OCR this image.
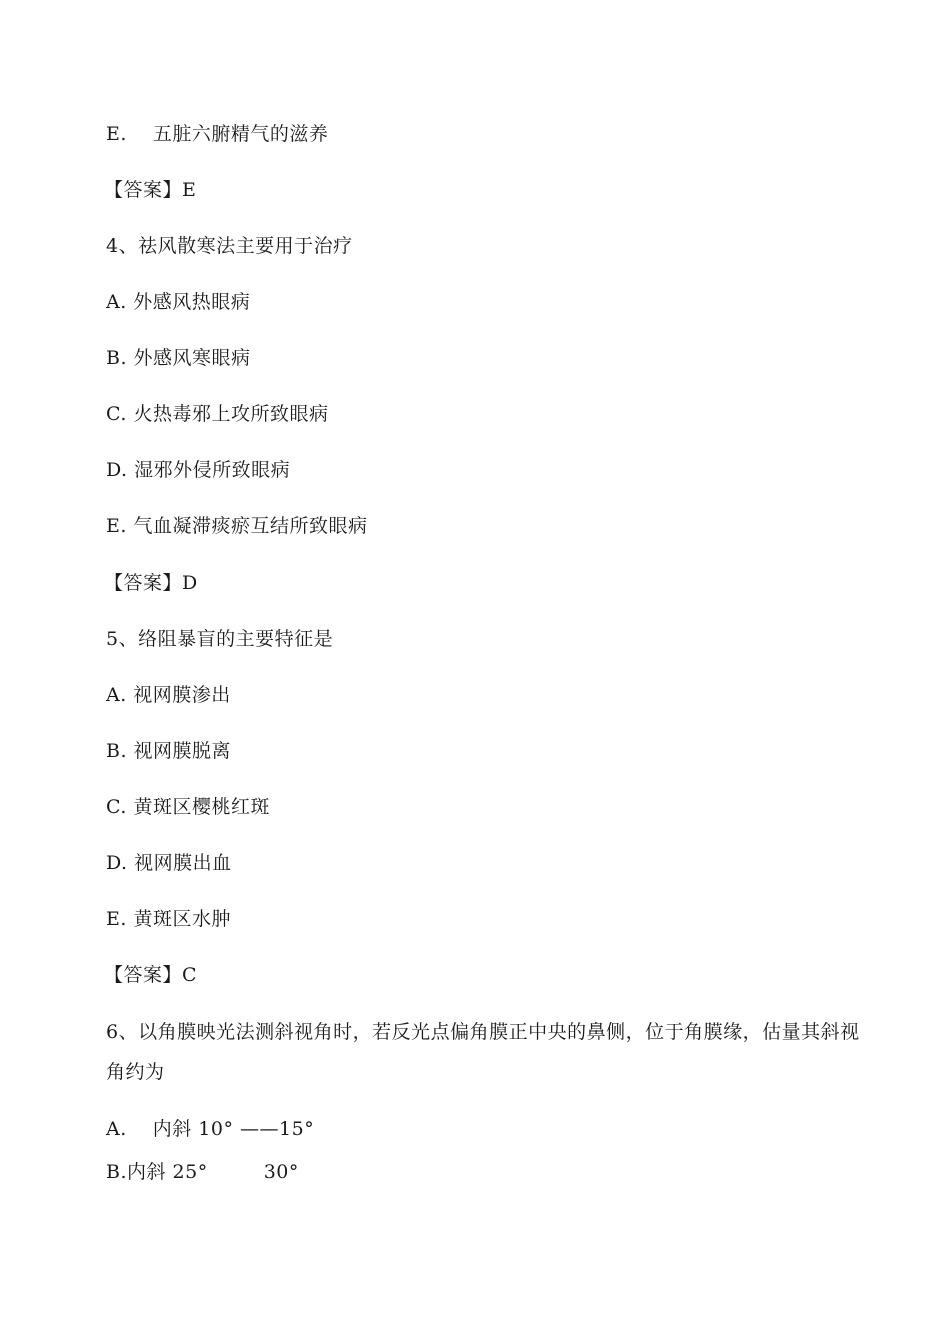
E. 五脏六腑精气的滋养
【答案】E
4、祛风散寒法主要用于治疗
A. 外感风热眼病
B. 外感风寒眼病
C. 火热毒邪上攻所致眼病
D. 湿邪外侵所致眼病
E. 气血凝滞痰瘀互结所致眼病
【答案】D
5、络阻暴盲的主要特征是
A. 视网膜渗出
B. 视网膜脱离
C. 黄斑区樱桃红斑
D. 视网膜出血
E. 黄斑区水肿
【答案】C
6、以角膜映光法测斜视角时，若反光点偏角膜正中央的鼻侧，位于角膜缘，估量其斜视
角约为
A. 内斜 10° ——15°
B.内斜 25°	30°
